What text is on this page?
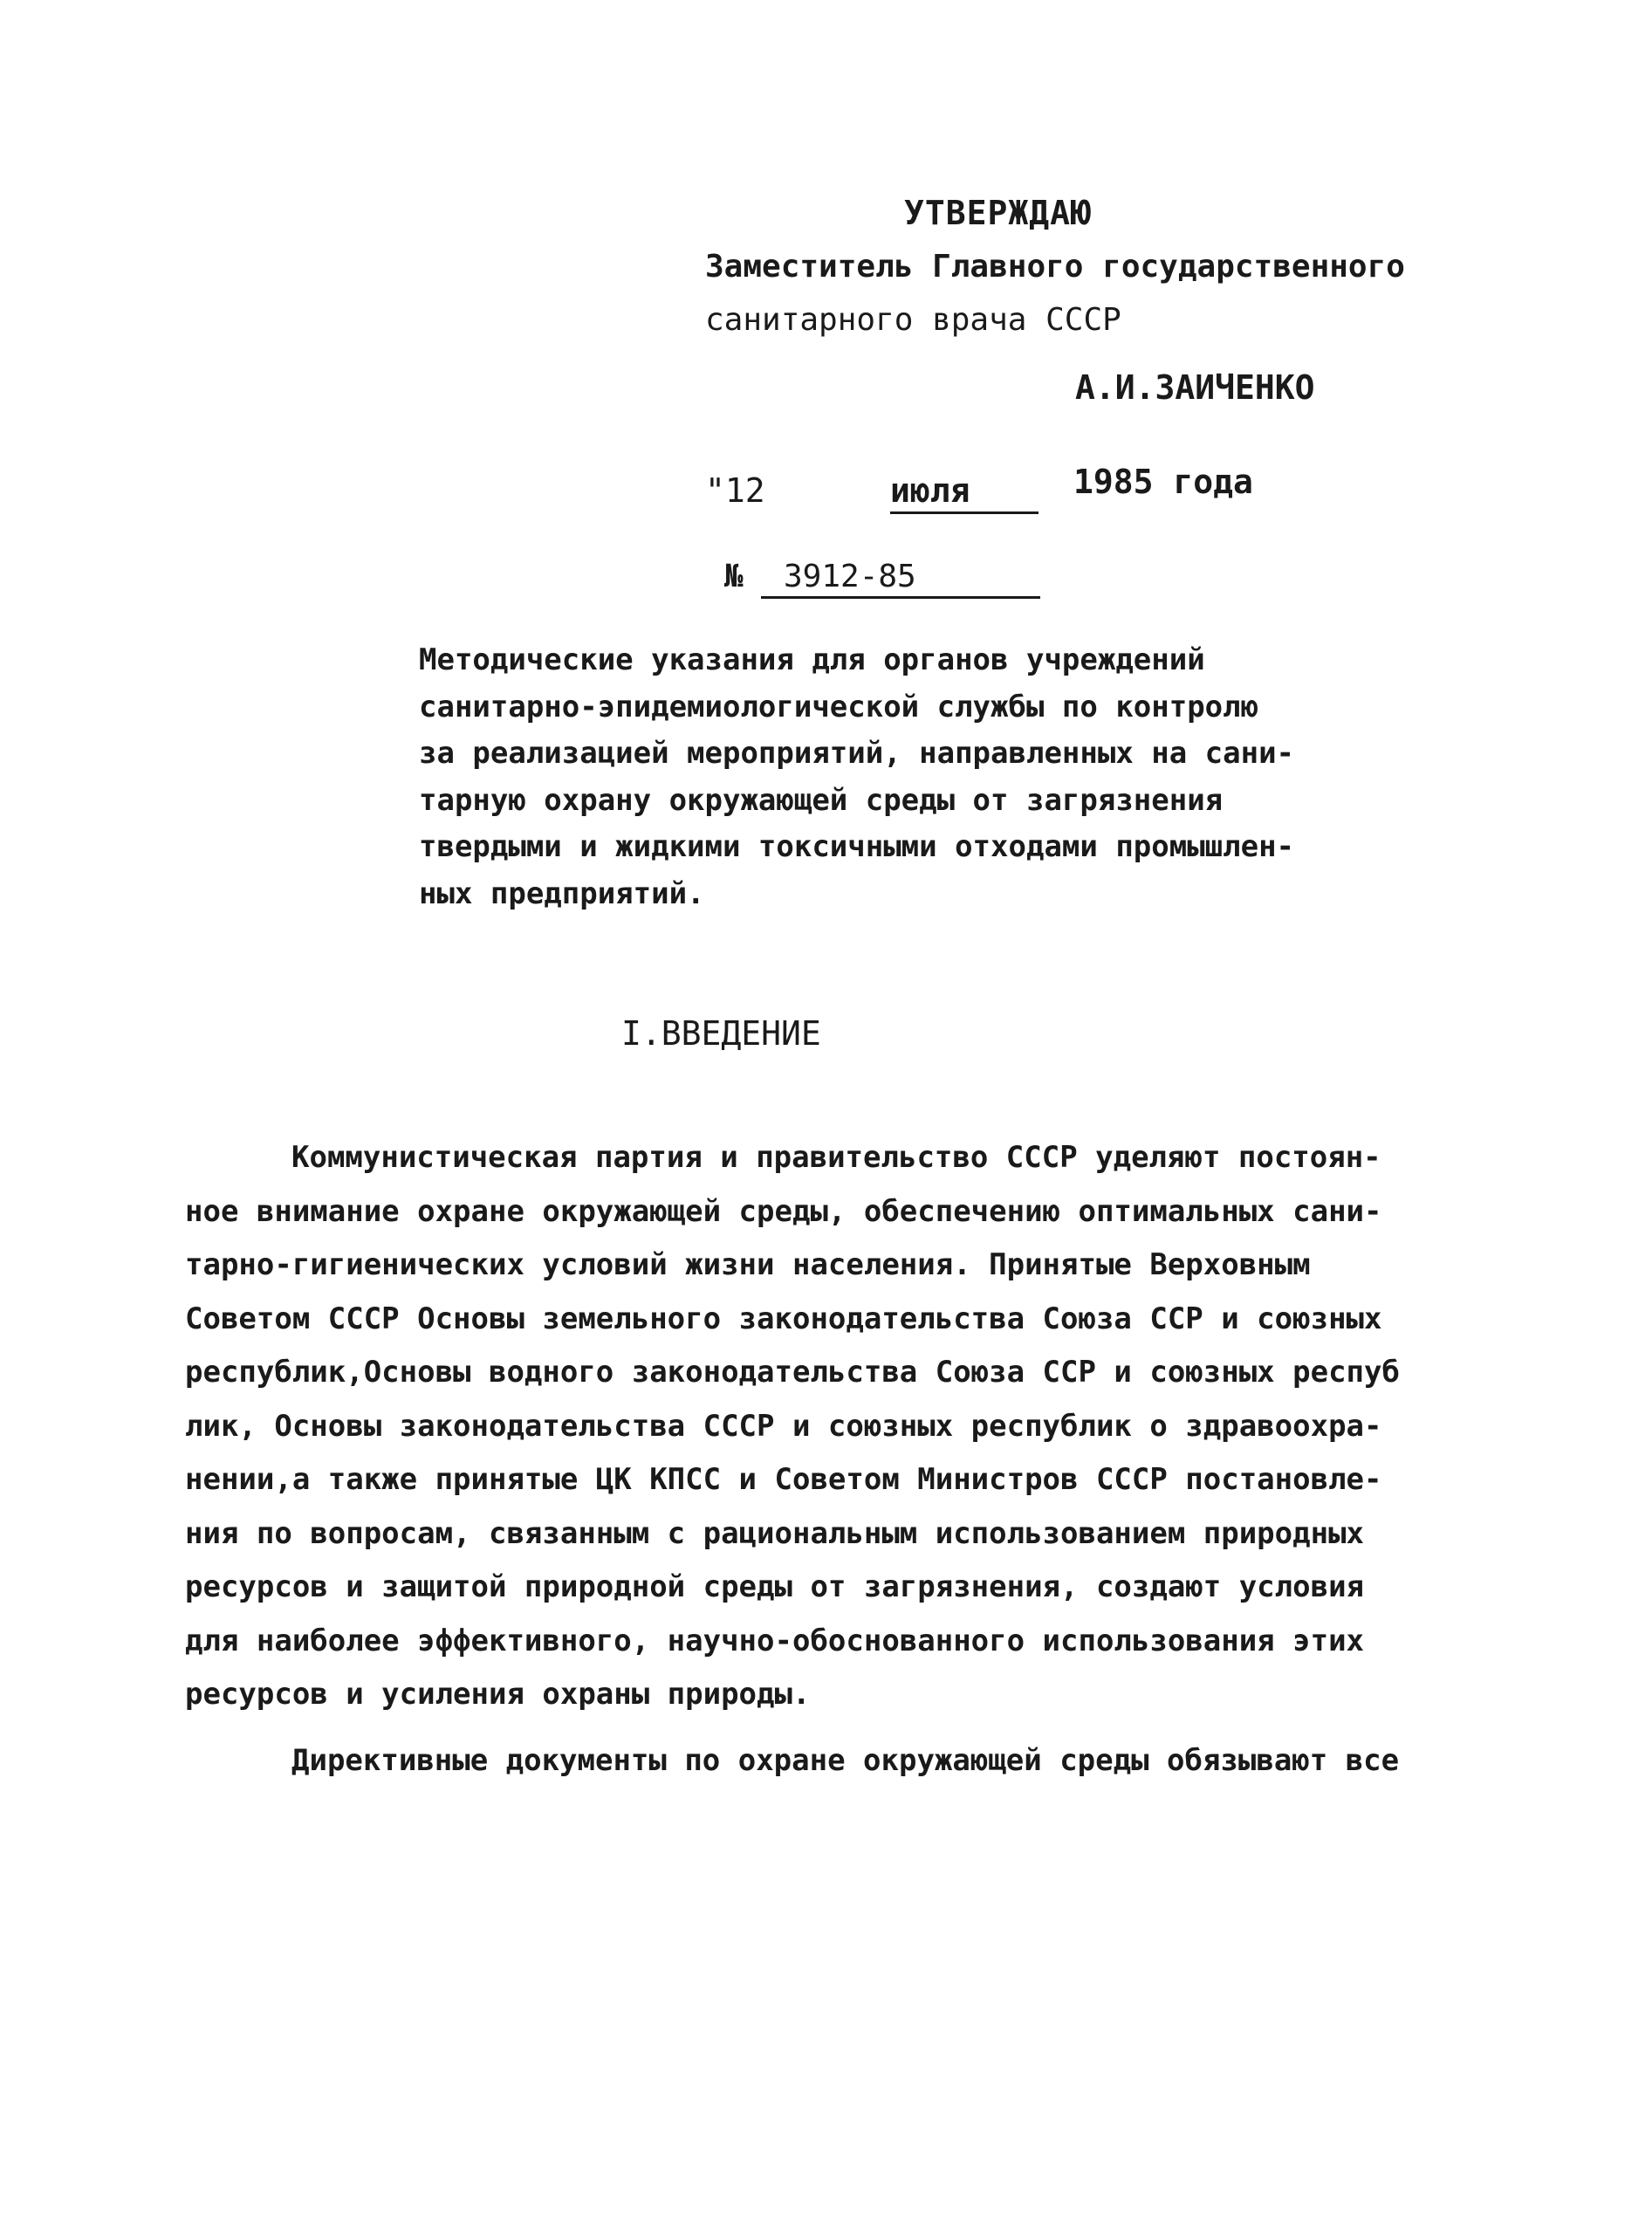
УТВЕРЖДАЮ
Заместитель Главного государственного
санитарного врача СССР
А.И.ЗАИЧЕНКО
"12	июля	1985 года
№	3912-85
Методические указания для органов учреждений
санитарно-эпидемиологической службы по контролю
за реализацией мероприятий, направленных на сани-
тарную охрану окружающей среды от загрязнения
твердыми и жидкими токсичными отходами промышлен-
ных предприятий.
I.ВВЕДЕНИЕ
Коммунистическая партия и правительство СССР уделяют постоян-
ное внимание охране окружающей среды, обеспечению оптимальных сани-
тарно-гигиенических условий жизни населения. Принятые Верховным
Советом СССР Основы земельного законодательства Союза ССР и союзных
республик,Основы водного законодательства Союза ССР и союзных респуб
лик, Основы законодательства СССР и союзных республик о здравоохра-
нении,а также принятые ЦК КПСС и Советом Министров СССР постановле-
ния по вопросам, связанным с рациональным использованием природных
ресурсов и защитой природной среды от загрязнения, создают условия
для наиболее эффективного, научно-обоснованного использования этих
ресурсов и усиления охраны природы.
Директивные документы по охране окружающей среды обязывают все
